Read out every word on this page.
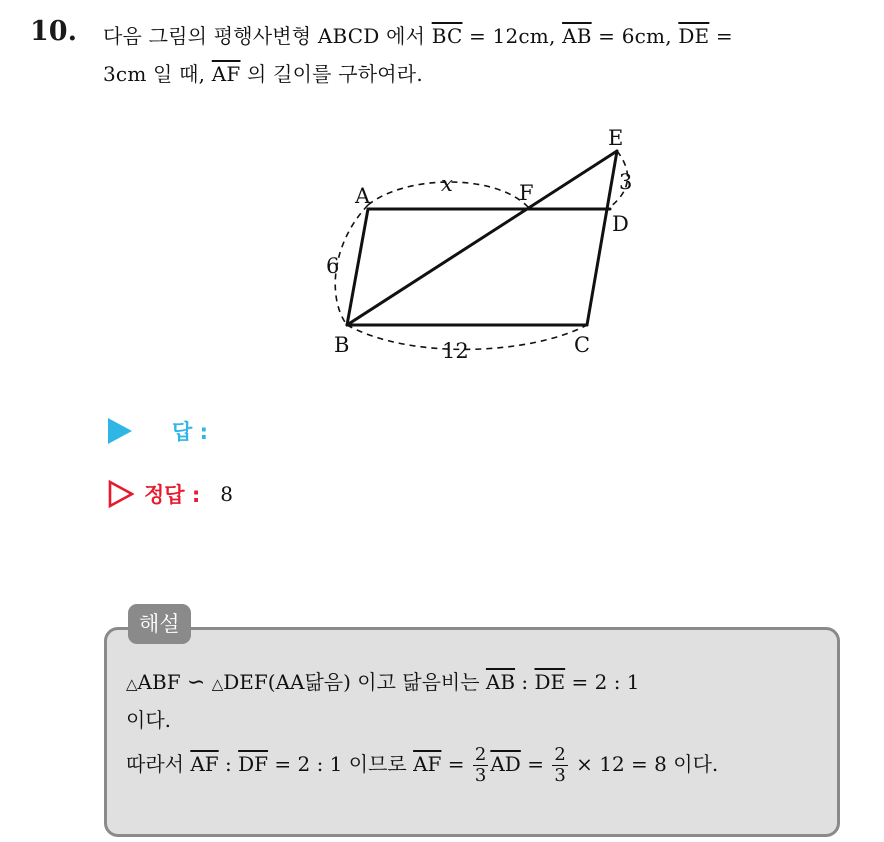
10. 다음 그림의 평행사변형 ABCD 에서 $\overline{BC} = 12cm$, $\overline{AB} = 6cm$, $\overline{DE}$ =
3cm 일 때, $\overline{AF}$ 의 길이를 구하여라.
A
B	C
D
E
F
x
6
12
3
답 :
정답 : 8
해설
△ABF ∽ △DEF(AA닮음) 이고 닮음비는 $\overline{AB}$ : $\overline{DE} = 2$ : 1
이다.
따라서 $\overline{AF}$ : $\overline{DF} = 2$ : 1 이므로 $\overline{AF} = \frac{2}{3} \overline{AD} = \frac{2}{3} \times 12 = 8$ 이다.
